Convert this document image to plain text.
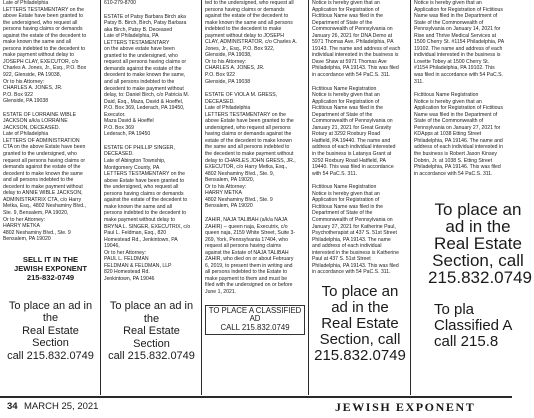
Late of Philadelphia
LETTERS TESTAMENTARY on the above Estate have been granted to the undersigned, who request all persons having claims or demands against the estate of the decedent to make known the same and all persons indebted to the decedent to make payment without delay to JOSEPH CLAY, EXECUTOR, c/o Charles A. Jones, Jr., Esq., P.O. Box 922, Glenside, PA 19038,
Or to his Attorney:
CHARLES A. JONES, JR.
P.O. Box 922
Glenside, PA 19038

ESTATE OF LORRAINE WIBLE JACKSON a/k/a LORRAINE JACKSON, DECEASED.
Late of Philadelphia
LETTERS OF ADMINISTRATION CTA on the above Estate have been granted to the undersigned, who request all persons having claims or demands against the estate of the decedent to make known the same and all persons indebted to the decedent to make payment without delay to ANNIE WIBLE JACKSON, ADMINISTRATRIX CTA, c/o Harry Metka, Esq., 4802 Neshaminy Blvd., Ste. 9, Bensalem, PA 19020,
Or to her Attorney:
HARRY METKA
4802 Neshaminy Blvd., Ste. 9
Bensalem, PA 19020

SELL IT IN THE

JEWISH EXPONENT

215-832-0749

To place an ad in the

Real Estate Section

call 215.832.0749

610-279-8700

ESTATE of Patsy Barbara Birch aka Patsy B. Birch, Birch, Patsy Barbara aka Birch, Patsy B. Deceased
Late of Philadelphia, PA
LETTERS TESTAMENTARY
on the above estate have been granted to the undersigned, who request all persons having claims or demands against the estate of the decedent to make known the same, and all persons indebted to the decedent to make payment without delay, to: Daniel Birch, c/o Patricia M. Daid, Esq., Maza, David & Hoeffel, P.O. Box 369, Lederach, PA 19450, Executor.
Maza David & Hoeffel
P.O. Box 369
Lederach, PA 19450

ESTATE OF PHILLIP SINGER, DECEASED.
Late of Abington Township, Montgomery County, PA
LETTERS TESTAMENTARY on the above Estate have been granted to the undersigned, who request all persons having claims or demands against the estate of the decedent to make known the same and all persons indebted to the decedent to make payment without delay to BRYNA L. SINGER, EXECUTRIX, c/o Paul L. Feldman, Esq., 820 Homestead Rd., Jenkintown, PA 19046,
Or to her Attorney:
PAUL L. FELDMAN
FELDMAN & FELDMAN, LLP
820 Homestead Rd.
Jenkintown, PA 19046

To place an ad in the

Real Estate Section

call 215.832.0749

ted to the undersigned, who request all persons having claims or demands against the estate of the decedent to make known the same and all persons indebted to the decedent to make payment without delay to JOSEPH CLAY, ADMINISTRATOR, c/o Charles A. Jones, Jr., Esq., P.O. Box 922, Glenside, PA 19038,
Or to his Attorney:
CHARLES A. JONES, JR.
P.O. Box 922
Glenside, PA 19038

ESTATE OF VIOLA M. GRESS, DECEASED.
Late of Philadelphia
LETTERS TESTAMENTARY on the above Estate have been granted to the undersigned, who request all persons having claims or demands against the estate of the decedent to make known the same and all persons indebted to the decedent to make payment without delay to CHARLES JOHN GRESS, JR., EXECUTOR, c/o Harry Metka, Esq., 4802 Neshaminy Blvd., Ste. 9, Bensalem, PA 19020,
Or to his Attorney:
HARRY METKA
4802 Neshaminy Blvd., Ste. 9
Bensalem, PA 19020

ZAHIR, NAJA TALIBAH (a/k/a NAJA ZAHIR) -- queen naja, Executrix, c/o queen naja, 2159 White Street, Suite 3-269, York, Pennsylvania 17404, who request all persons having claims against the Estate of NAJA TALIBAH ZAHIR, who died on or about February 6, 2019, to present them in writing and all persons indebted to the Estate to make payment to them and must be filed with the undersigned on or before June 1, 2021.

TO PLACE A CLASSIFIED AD

CALL 215.832.0749

Notice is hereby given that an Application for Registration of Fictitious Name was filed in the Department of State of the Commonwealth of Pennsylvania on January 26, 2021 for DNA Demo at 5971 Thomas Ave. Philadelphia, PA 19143. The name and address of each individual interested in the business is Dave Shaw at 5971 Thomas Ave Philadelphia, PA 19143. This was filed in accordance with 54 PaC.S. 311.

Fictitious Name Registration
Notice is hereby given that an Application for Registration of Fictitious Name was filed in the Department of State of the Commonwealth of Pennsylvania on January 21, 2021 for Great Gravity Rotary at 3292 Roxbury Road Hatfield, PA 19440. The name and address of each individual interested in the business is Latanya Grant at 3292 Roxbury Road Hatfield, PA 19440. This was filed in accordance with 54 PaC.S. 311.

Fictitious Name Registration
Notice is hereby given that an Application for Registration of Fictitious Name was filed in the Department of State of the Commonwealth of Pennsylvania on January 27, 2021 for Katherine Paul, Psychotherapist at 437 S. 51st Street Philadelphia, PA 19143. The name and address of each individual interested in the business is Katherine Paul at 437 S. 51st Street Philadelphia, PA 19143. This was filed in accordance with 54 PaC.S. 311.

To place an

ad in the

Real Estate

Section, call

215.832.0749

Notice is hereby given that an Application for Registration of Fictitious Name was filed in the Department of State of the Commonwealth of Pennsylvania on January 14, 2021 for Rise and Thrive Medical Services at 1500 Cherry St. #1154 Philadelphia, PA 19102. The name and address of each individual interested in the business is Lovette Tobey at 1500 Cherry St. #1154 Philadelphia, PA 19102. This was filed in accordance with 54 PaC.S. 311.

Fictitious Name Registration
Notice is hereby given that an Application for Registration of Fictitious Name was filed in the Department of State of the Commonwealth of Pennsylvania on January 27, 2021 for KDApps at 1038 Etting Street Philadelphia, PA 19146. The name and address of each individual interested in the business is Robert Jason Kinsey Dobrin, Jr. at 1038 S. Etting Street Philadelphia, PA 19146. This was filed in accordance with 54 PaC.S. 311.

To place an

ad in the

Real Estate

Section, call

215.832.0749

To pla

Classified A

call 215.8

34 MARCH 25, 2021	JEWISH EXPONENT
